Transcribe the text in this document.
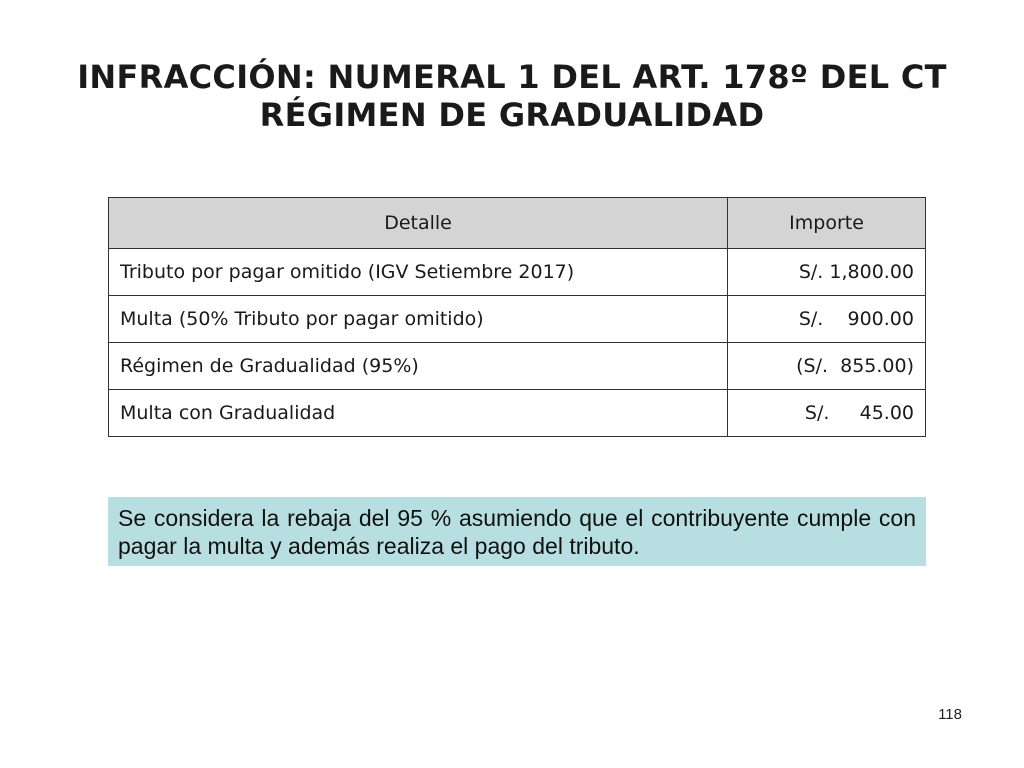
INFRACCIÓN: NUMERAL 1 DEL ART. 178º DEL CT
RÉGIMEN DE GRADUALIDAD
Detalle	Importe
Tributo por pagar omitido (IGV Setiembre 2017)	S/. 1,800.00
Multa (50% Tributo por pagar omitido)	S/.    900.00
Régimen de Gradualidad (95%)	(S/.  855.00)
Multa con Gradualidad	S/.     45.00
Se considera la rebaja del 95 % asumiendo que el contribuyente cumple con pagar la multa y además realiza el pago del tributo.
118
